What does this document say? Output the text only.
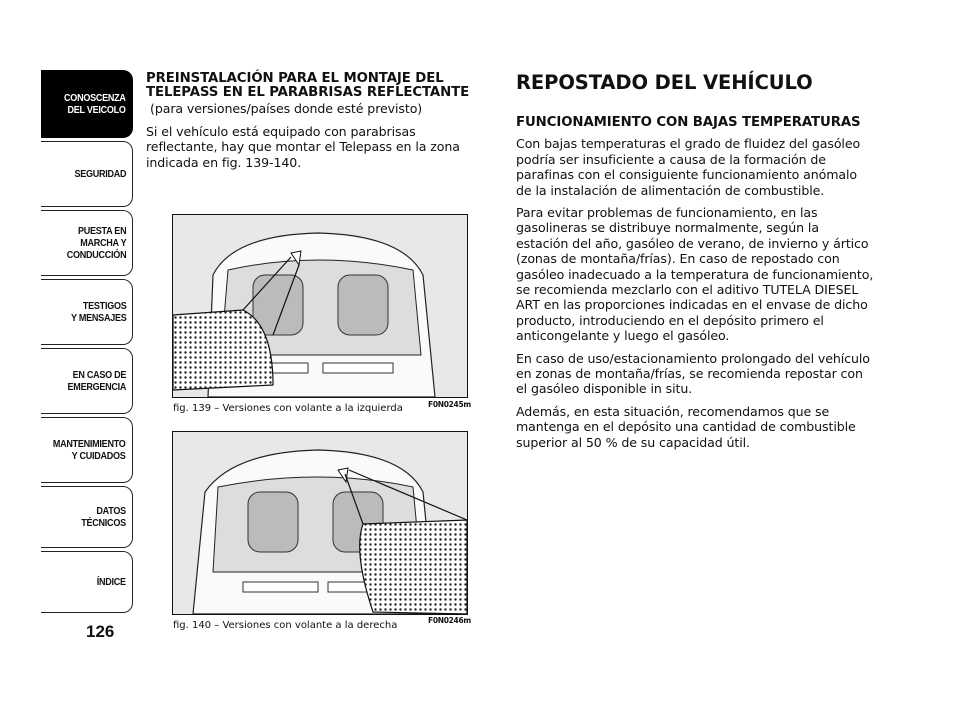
CONOSCENZA
DEL VEICOLO
SEGURIDAD
PUESTA EN
MARCHA Y
CONDUCCIÓN
TESTIGOS
Y MENSAJES
EN CASO DE
EMERGENCIA
MANTENIMIENTO
Y CUIDADOS
DATOS
TÉCNICOS
ÍNDICE
126
PREINSTALACIÓN PARA EL MONTAJE DEL TELEPASS EN EL PARABRISAS REFLECTANTE
(para versiones/países donde esté previsto)

Si el vehículo está equipado con parabrisas reflectante, hay que montar el Telepass en la zona indicada en fig. 139-140.

fig. 139 – Versiones con volante a la izquierda	F0N0245m
fig. 140 – Versiones con volante a la derecha	F0N0246m
REPOSTADO DEL VEHÍCULO
FUNCIONAMIENTO CON BAJAS TEMPERATURAS

Con bajas temperaturas el grado de fluidez del gasóleo podría ser insuficiente a causa de la formación de parafinas con el consiguiente funcionamiento anómalo de la instalación de alimentación de combustible.

Para evitar problemas de funcionamiento, en las gasolineras se distribuye normalmente, según la estación del año, gasóleo de verano, de invierno y ártico (zonas de montaña/frías). En caso de repostado con gasóleo inadecuado a la temperatura de funcionamiento, se recomienda mezclarlo con el aditivo TUTELA DIESEL ART en las proporciones indicadas en el envase de dicho producto, introduciendo en el depósito primero el anticongelante y luego el gasóleo.

En caso de uso/estacionamiento prolongado del vehículo en zonas de montaña/frías, se recomienda repostar con el gasóleo disponible in situ.

Además, en esta situación, recomendamos que se mantenga en el depósito una cantidad de combustible superior al 50 % de su capacidad útil.
